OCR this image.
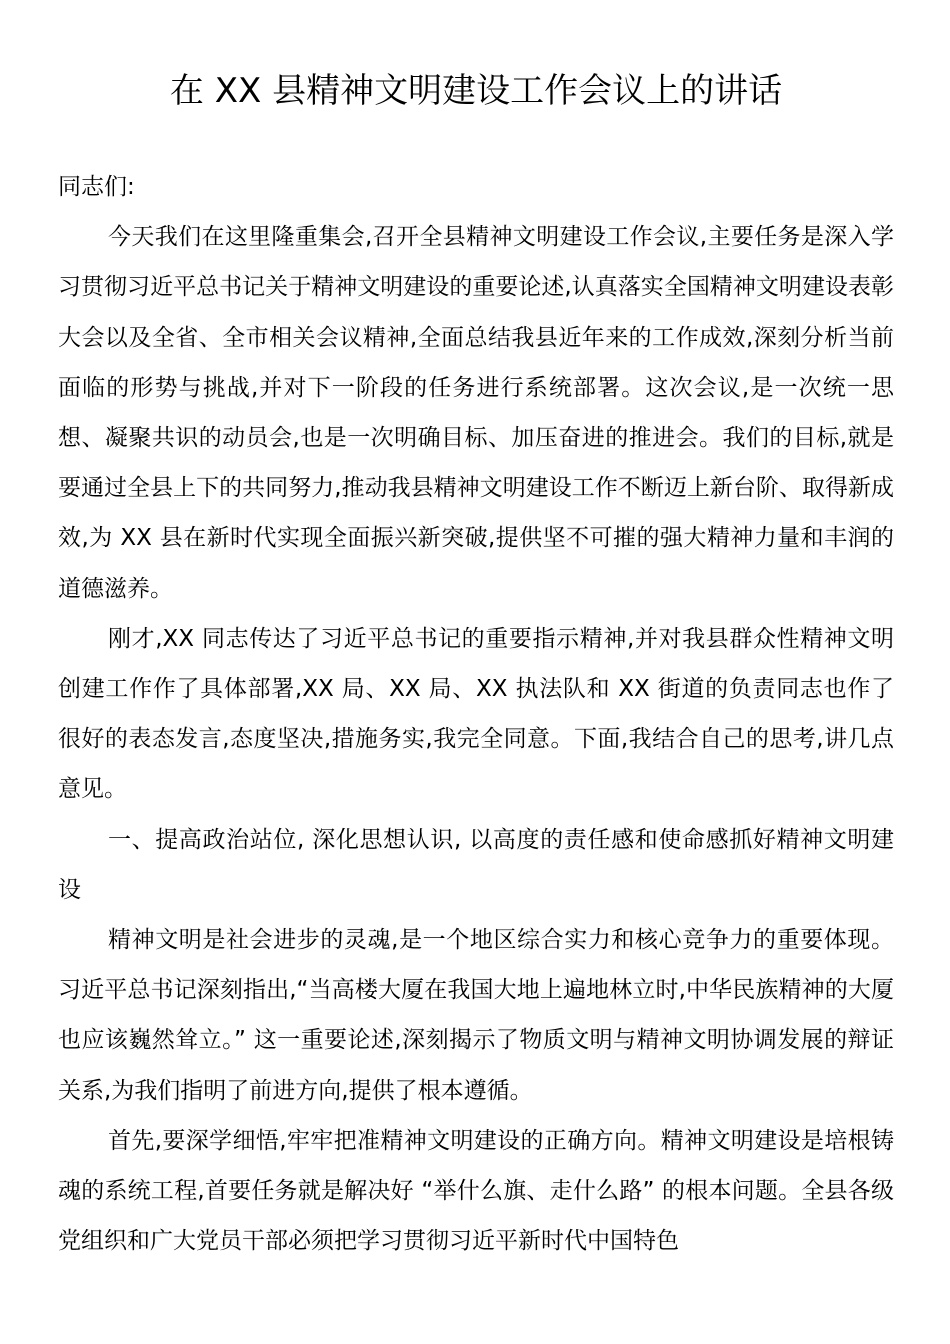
在 XX 县精神文明建设工作会议上的讲话

同志们:

今天我们在这里隆重集会,召开全县精神文明建设工作会议,主要任务是深入学习贯彻习近平总书记关于精神文明建设的重要论述,认真落实全国精神文明建设表彰大会以及全省、全市相关会议精神,全面总结我县近年来的工作成效,深刻分析当前面临的形势与挑战,并对下一阶段的任务进行系统部署。这次会议,是一次统一思想、凝聚共识的动员会,也是一次明确目标、加压奋进的推进会。我们的目标,就是要通过全县上下的共同努力,推动我县精神文明建设工作不断迈上新台阶、取得新成效,为 XX 县在新时代实现全面振兴新突破,提供坚不可摧的强大精神力量和丰润的道德滋养。

刚才,XX 同志传达了习近平总书记的重要指示精神,并对我县群众性精神文明创建工作作了具体部署,XX 局、XX 局、XX 执法队和 XX 街道的负责同志也作了很好的表态发言,态度坚决,措施务实,我完全同意。下面,我结合自己的思考,讲几点意见。

一、提高政治站位, 深化思想认识, 以高度的责任感和使命感抓好精神文明建设

精神文明是社会进步的灵魂,是一个地区综合实力和核心竞争力的重要体现。习近平总书记深刻指出,“当高楼大厦在我国大地上遍地林立时,中华民族精神的大厦也应该巍然耸立。” 这一重要论述,深刻揭示了物质文明与精神文明协调发展的辩证关系,为我们指明了前进方向,提供了根本遵循。

首先,要深学细悟,牢牢把准精神文明建设的正确方向。精神文明建设是培根铸魂的系统工程,首要任务就是解决好 “举什么旗、走什么路” 的根本问题。全县各级党组织和广大党员干部必须把学习贯彻习近平新时代中国特色
